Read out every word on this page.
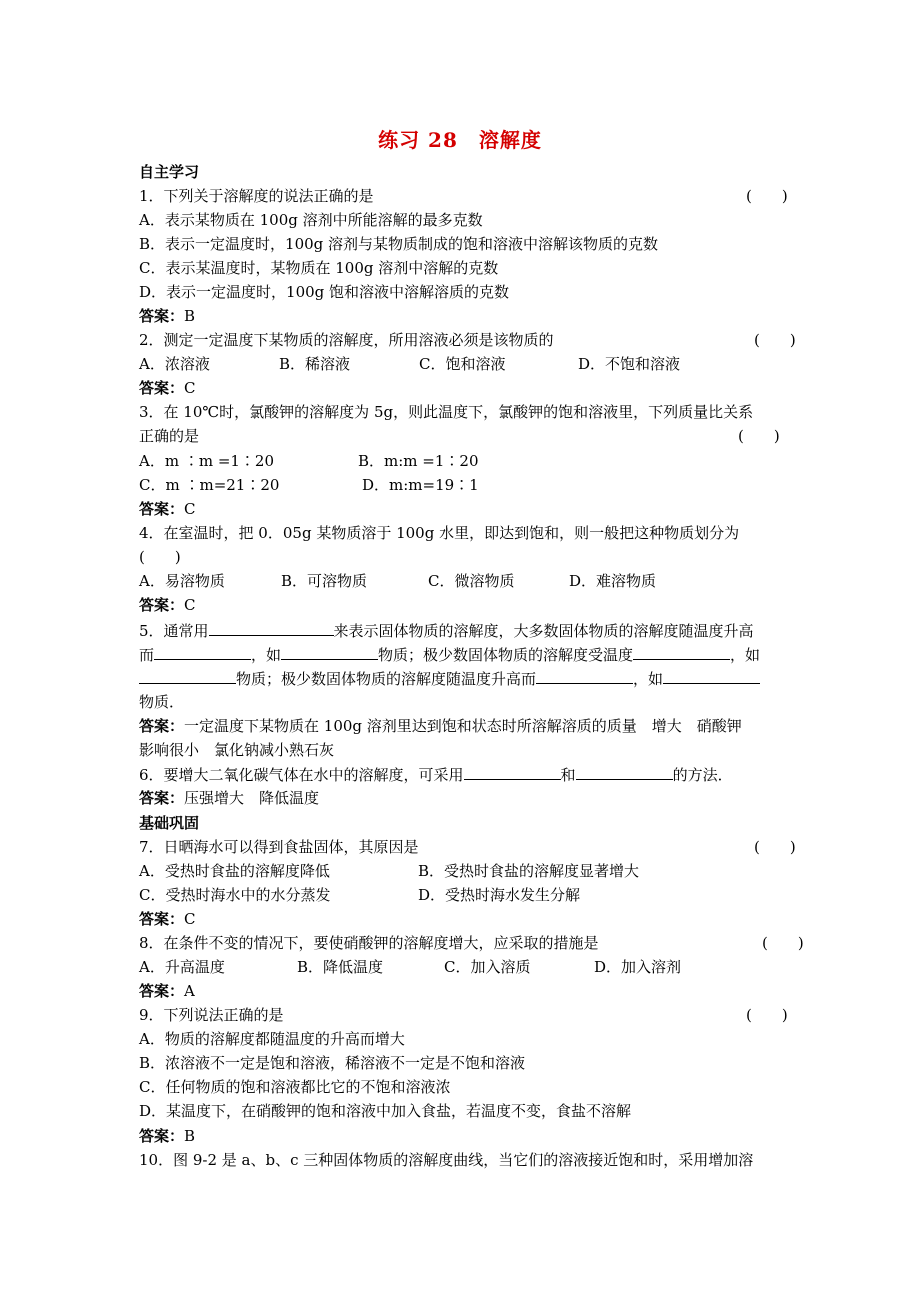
练习 28　溶解度
自主学习
1．下列关于溶解度的说法正确的是	(　　)
A．表示某物质在 100g 溶剂中所能溶解的最多克数
B．表示一定温度时，100g 溶剂与某物质制成的饱和溶液中溶解该物质的克数
C．表示某温度时，某物质在 100g 溶剂中溶解的克数
D．表示一定温度时，100g 饱和溶液中溶解溶质的克数
答案：B
2．测定一定温度下某物质的溶解度，所用溶液必须是该物质的	(　　)
A．浓溶液	B．稀溶液	C．饱和溶液	D．不饱和溶液
答案：C
3．在 10℃时，氯酸钾的溶解度为 5g，则此温度下，氯酸钾的饱和溶液里，下列质量比关系
正确的是	(　　)
A．m ∶m =1∶20	B．m:m =1∶20
C．m ∶m=21∶20	D．m:m=19∶1
答案：C
4．在室温时，把 0．05g 某物质溶于 100g 水里，即达到饱和，则一般把这种物质划分为
(　　)
A．易溶物质	B．可溶物质	C．微溶物质	D．难溶物质
答案：C
5．通常用	来表示固体物质的溶解度，大多数固体物质的溶解度随温度升高
而	，如	物质；极少数固体物质的溶解度受温度	，如
物质；极少数固体物质的溶解度随温度升高而	，如
物质．
答案：一定温度下某物质在 100g 溶剂里达到饱和状态时所溶解溶质的质量　增大　硝酸钾
影响很小　氯化钠减小熟石灰
6．要增大二氧化碳气体在水中的溶解度，可采用	和	的方法．
答案：压强增大　降低温度
基础巩固
7．日晒海水可以得到食盐固体，其原因是	(　　)
A．受热时食盐的溶解度降低	B．受热时食盐的溶解度显著增大
C．受热时海水中的水分蒸发	D．受热时海水发生分解
答案：C
8．在条件不变的情况下，要使硝酸钾的溶解度增大，应采取的措施是	(　　)
A．升高温度	B．降低温度	C．加入溶质	D．加入溶剂
答案：A
9．下列说法正确的是	(　　)
A．物质的溶解度都随温度的升高而增大
B．浓溶液不一定是饱和溶液，稀溶液不一定是不饱和溶液
C．任何物质的饱和溶液都比它的不饱和溶液浓
D．某温度下，在硝酸钾的饱和溶液中加入食盐，若温度不变，食盐不溶解
答案：B
10．图 9-2 是 a、b、c 三种固体物质的溶解度曲线，当它们的溶液接近饱和时，采用增加溶
